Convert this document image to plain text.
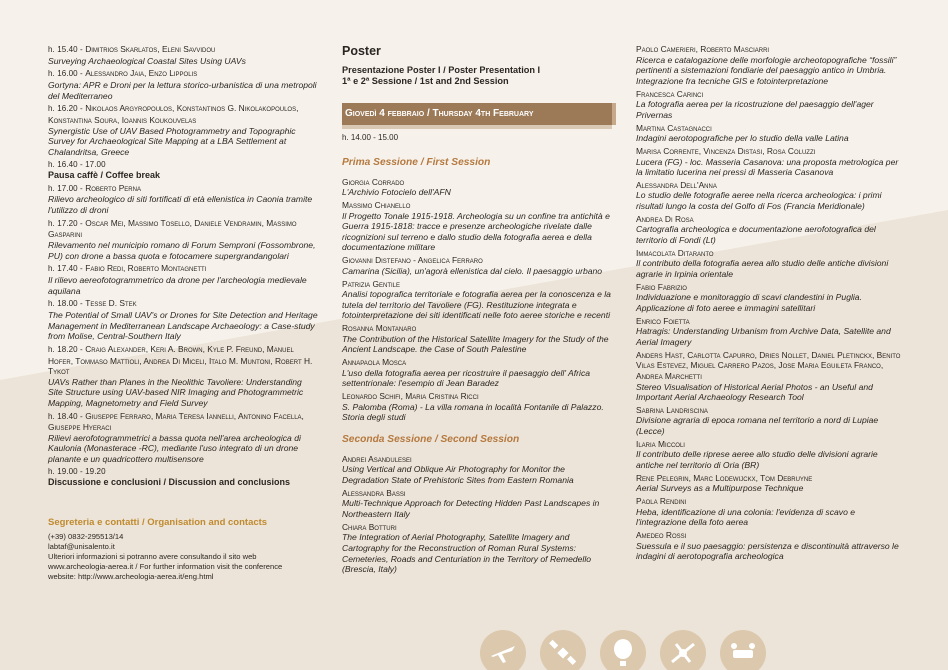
h. 15.40 - Dimitrios Skarlatos, Eleni Savvidou
Surveying Archaeological Coastal Sites Using UAVs
h. 16.00 - Alessandro Jaia, Enzo Lippolis
Gortyna: APR e Droni per la lettura storico-urbanistica di una metropoli del Mediterraneo
h. 16.20 - Nikolaos Argyropoulos, Konstantinos G. Nikolakopoulos, Konstantina Soura, Ioannis Koukouvelas
Synergistic Use of UAV Based Photogrammetry and Topographic Survey for Archaeological Site Mapping at a LBA Settlement at Chalandritsa, Greece
h. 16.40 - 17.00
Pausa caffè / Coffee break
h. 17.00 - Roberto Perna
Rilievo archeologico di siti fortificati di età ellenistica in Caonia tramite l'utilizzo di droni
h. 17.20 - Oscar Mei, Massimo Tosello, Daniele Vendramin, Massimo Gasparini
Rilevamento nel municipio romano di Forum Semproni (Fossombrone, PU) con drone a bassa quota e fotocamere supergrandangolari
h. 17.40 - Fabio Redi, Roberto Montagnetti
Il rilievo aereofotogrammetrico da drone per l'archeologia medievale aquilana
h. 18.00 - Tesse D. Stek
The Potential of Small UAV's or Drones for Site Detection and Heritage Management in Mediterranean Landscape Archaeology: a Case-study from Molise, Central-Southern Italy
h. 18.20 - Craig Alexander, Keri A. Brown, Kyle P. Freund, Manuel Hofer, Tommaso Mattioli, Andrea Di Miceli, Italo M. Muntoni, Robert H. Tykot
UAVs Rather than Planes in the Neolithic Tavoliere: Understanding Site Structure using UAV-based NIR Imaging and Photogrammetric Mapping, Magnetometry and Field Survey
h. 18.40 - Giuseppe Ferraro, Maria Teresa Iannelli, Antonino Facella, Giuseppe Hyeraci
Rilievi aerofotogrammetrici a bassa quota nell'area archeologica di Kaulonia (Monasterace -RC), mediante l'uso integrato di un drone planante e un quadricottero multisensore
h. 19.00 - 19.20
Discussione e conclusioni / Discussion and conclusions
Segreteria e contatti / Organisation and contacts
(+39) 0832-295513/14
labtaf@unisalento.it
Ulteriori informazioni si potranno avere consultando il sito web
www.archeologia-aerea.it / For further information visit the conference
website: http://www.archeologia-aerea.it/eng.html
Poster
Presentazione Poster I / Poster Presentation I
1ª e 2ª Sessione / 1st and 2nd Session
Giovedì 4 febbraio / Thursday 4th February
h. 14.00 - 15.00
Prima Sessione / First Session
Giorgia Corrado
L'Archivio Fotocielo dell'AFN
Massimo Chianello
Il Progetto Tonale 1915-1918. Archeologia su un confine tra antichità e Guerra 1915-1818: tracce e presenze archeologiche rivelate dalle ricognizioni sul terreno e dallo studio della fotografia aerea e della documentazione militare
Giovanni Distefano - Angelica Ferraro
Camarina (Sicilia), un'agorà ellenistica dal cielo. Il paesaggio urbano
Patrizia Gentile
Analisi topografica territoriale e fotografia aerea per la conoscenza e la tutela del territorio del Tavoliere (FG). Restituzione integrata e fotointerpretazione dei siti identificati nelle foto aeree storiche e recenti
Rosanna Montanaro
The Contribution of the Historical Satellite Imagery for the Study of the Ancient Landscape. the Case of South Palestine
Annapaola Mosca
L'uso della fotografia aerea per ricostruire il paesaggio dell' Africa settentrionale: l'esempio di Jean Baradez
Leonardo Schifi, Maria Cristina Ricci
S. Palomba (Roma) - La villa romana in località Fontanile di Palazzo. Storia degli studi
Seconda Sessione / Second Session
Andrei Asandulesei
Using Vertical and Oblique Air Photography for Monitor the Degradation State of Prehistoric Sites from Eastern Romania
Alessandra Bassi
Multi-Technique Approach for Detecting Hidden Past Landscapes in Northeastern Italy
Chiara Botturi
The Integration of Aerial Photography, Satellite Imagery and Cartography for the Reconstruction of Roman Rural Systems: Cemeteries, Roads and Centuriation in the Territory of Remedello (Brescia, Italy)
Paolo Camerieri, Roberto Masciarri
Ricerca e catalogazione delle morfologie archeotopografiche “fossili” pertinenti a sistemazioni fondiarie del paesaggio antico in Umbria. Integrazione fra tecniche GIS e fotointerpretazione
Francesca Carinci
La fotografia aerea per la ricostruzione del paesaggio dell'ager Privernas
Martina Castagnacci
Indagini aerotopografiche per lo studio della valle Latina
Marisa Corrente, Vincenza Distasi, Rosa Coluzzi
Lucera (FG) - loc. Masseria Casanova: una proposta metrologica per la limitatio lucerina nei pressi di Masseria Casanova
Alessandra Dell'Anna
Lo studio delle fotografie aeree nella ricerca archeologica: i primi risultati lungo la costa del Golfo di Fos (Francia Meridionale)
Andrea Di Rosa
Cartografia archeologica e documentazione aerofotografica del territorio di Fondi (Lt)
Immacolata Ditaranto
Il contributo della fotografia aerea allo studio delle antiche divisioni agrarie in Irpinia orientale
Fabio Fabrizio
Individuazione e monitoraggio di scavi clandestini in Puglia. Applicazione di foto aeree e immagini satellitari
Enrico Foietta
Hatragis: Understanding Urbanism from Archive Data, Satellite and Aerial Imagery
Anders Hast, Carlotta Capurro, Dries Nollet, Daniel Pletinckx, Benito Vilas Estevez, Miguel Carrero Pazos, Jose Maria Eguileta Franco, Andrea Marchetti
Stereo Visualisation of Historical Aerial Photos - an Useful and Important Aerial Archaeology Research Tool
Sabrina Landriscina
Divisione agraria di epoca romana nel territorio a nord di Lupiae (Lecce)
Ilaria Miccoli
Il contributo delle riprese aeree allo studio delle divisioni agrarie antiche nel territorio di Oria (BR)
Rene Pelegrin, Marc Lodewijckx, Tom Debruyne
Aerial Surveys as a Multipurpose Technique
Paola Rendini
Heba, identificazione di una colonia: l'evidenza di scavo e l'integrazione della foto aerea
Amedeo Rossi
Suessula e il suo paesaggio: persistenza e discontinuità attraverso le indagini di aerotopografia archeologica
